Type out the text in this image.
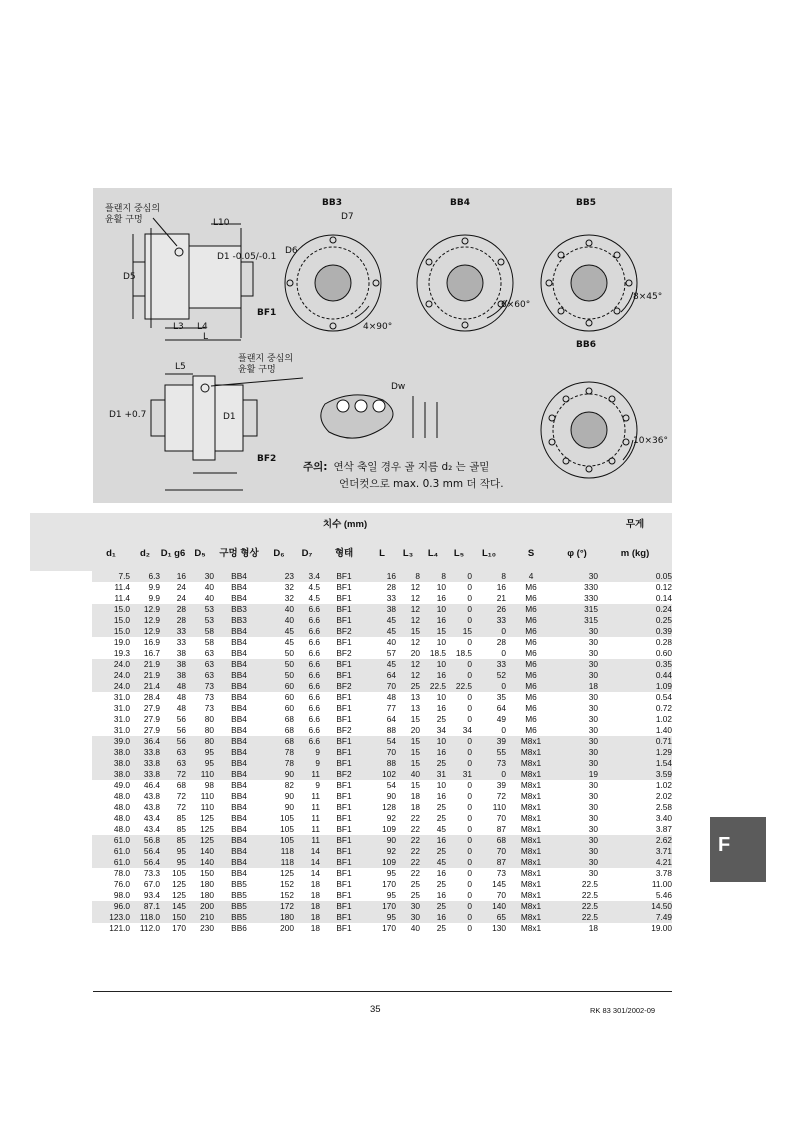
플랜지 중심의
윤활 구멍
플랜지 중심의
윤활 구멍
BB3	BB4	BB5
BB6
BF1
BF2
L10
D5
D1 -0.05/-0.1
L3 L4
L
L5
D1 +0.7	D1
D7
D6
4×90°
6×60°
8×45°
10×36°
Dw
주의: 연삭 축일 경우 골 지름 d₂ 는 골밑
언더컷으로 max. 0.3 mm 더 작다.
	치수 (mm)															무게
	d₁	d₂	D₁ g6	D₅	구멍 형상	D₆	D₇	형태	L	L₃	L₄	L₅	L₁₀	S	φ (°)	m (kg)
	7.5	6.3	16	30	BB4	23	3.4	BF1	16	8	8	0	8	4	30	0.05
	11.4	9.9	24	40	BB4	32	4.5	BF1	28	12	10	0	16	M6	330	0.12
	11.4	9.9	24	40	BB4	32	4.5	BF1	33	12	16	0	21	M6	330	0.14
	15.0	12.9	28	53	BB3	40	6.6	BF1	38	12	10	0	26	M6	315	0.24
	15.0	12.9	28	53	BB3	40	6.6	BF1	45	12	16	0	33	M6	315	0.25
	15.0	12.9	33	58	BB4	45	6.6	BF2	45	15	15	15	0	M6	30	0.39
	19.0	16.9	33	58	BB4	45	6.6	BF1	40	12	10	0	28	M6	30	0.28
	19.3	16.7	38	63	BB4	50	6.6	BF2	57	20	18.5	18.5	0	M6	30	0.60
	24.0	21.9	38	63	BB4	50	6.6	BF1	45	12	10	0	33	M6	30	0.35
	24.0	21.9	38	63	BB4	50	6.6	BF1	64	12	16	0	52	M6	30	0.44
	24.0	21.4	48	73	BB4	60	6.6	BF2	70	25	22.5	22.5	0	M6	18	1.09
	31.0	28.4	48	73	BB4	60	6.6	BF1	48	13	10	0	35	M6	30	0.54
	31.0	27.9	48	73	BB4	60	6.6	BF1	77	13	16	0	64	M6	30	0.72
	31.0	27.9	56	80	BB4	68	6.6	BF1	64	15	25	0	49	M6	30	1.02
	31.0	27.9	56	80	BB4	68	6.6	BF2	88	20	34	34	0	M6	30	1.40
	39.0	36.4	56	80	BB4	68	6.6	BF1	54	15	10	0	39	M8x1	30	0.71
	38.0	33.8	63	95	BB4	78	9	BF1	70	15	16	0	55	M8x1	30	1.29
	38.0	33.8	63	95	BB4	78	9	BF1	88	15	25	0	73	M8x1	30	1.54
	38.0	33.8	72	110	BB4	90	11	BF2	102	40	31	31	0	M8x1	19	3.59
	49.0	46.4	68	98	BB4	82	9	BF1	54	15	10	0	39	M8x1	30	1.02
	48.0	43.8	72	110	BB4	90	11	BF1	90	18	16	0	72	M8x1	30	2.02
	48.0	43.8	72	110	BB4	90	11	BF1	128	18	25	0	110	M8x1	30	2.58
	48.0	43.4	85	125	BB4	105	11	BF1	92	22	25	0	70	M8x1	30	3.40
	48.0	43.4	85	125	BB4	105	11	BF1	109	22	45	0	87	M8x1	30	3.87
	61.0	56.8	85	125	BB4	105	11	BF1	90	22	16	0	68	M8x1	30	2.62
	61.0	56.4	95	140	BB4	118	14	BF1	92	22	25	0	70	M8x1	30	3.71
	61.0	56.4	95	140	BB4	118	14	BF1	109	22	45	0	87	M8x1	30	4.21
	78.0	73.3	105	150	BB4	125	14	BF1	95	22	16	0	73	M8x1	30	3.78
	76.0	67.0	125	180	BB5	152	18	BF1	170	25	25	0	145	M8x1	22.5	11.00
	98.0	93.4	125	180	BB5	152	18	BF1	95	25	16	0	70	M8x1	22.5	5.46
	96.0	87.1	145	200	BB5	172	18	BF1	170	30	25	0	140	M8x1	22.5	14.50
	123.0	118.0	150	210	BB5	180	18	BF1	95	30	16	0	65	M8x1	22.5	7.49
	121.0	112.0	170	230	BB6	200	18	BF1	170	40	25	0	130	M8x1	18	19.00
35	RK 83 301/2002-09
F
